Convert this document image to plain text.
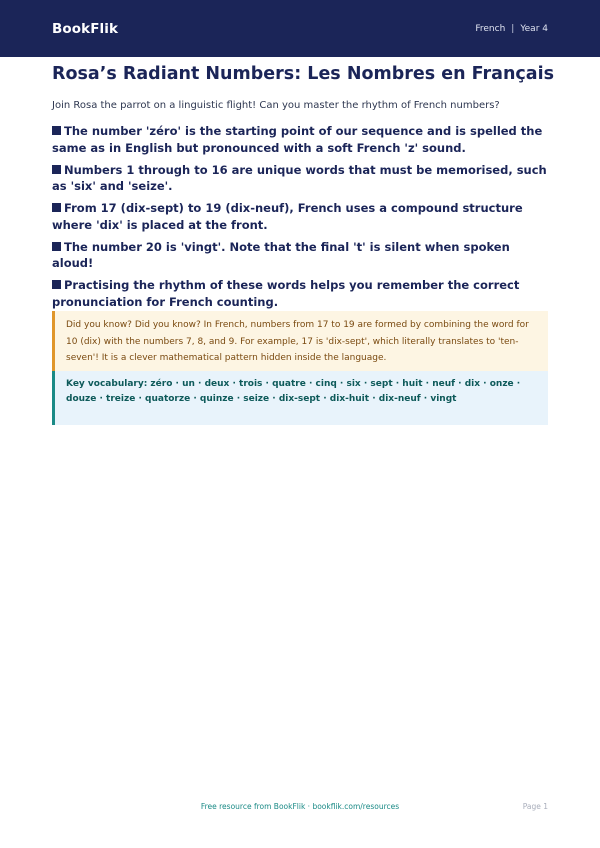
BookFlik	French | Year 4
Rosa’s Radiant Numbers: Les Nombres en Français

Join Rosa the parrot on a linguistic flight! Can you master the rhythm of French numbers?

The number 'zéro' is the starting point of our sequence and is spelled the same as in English but pronounced with a soft French 'z' sound.
Numbers 1 through to 16 are unique words that must be memorised, such as 'six' and 'seize'.
From 17 (dix-sept) to 19 (dix-neuf), French uses a compound structure where 'dix' is placed at the front.
The number 20 is 'vingt'. Note that the final 't' is silent when spoken aloud!
Practising the rhythm of these words helps you remember the correct pronunciation for French counting.
Did you know? Did you know? In French, numbers from 17 to 19 are formed by combining the word for 10 (dix) with the numbers 7, 8, and 9. For example, 17 is 'dix-sept', which literally translates to 'ten-seven'! It is a clever mathematical pattern hidden inside the language.
Key vocabulary: zéro · un · deux · trois · quatre · cinq · six · sept · huit · neuf · dix · onze · douze · treize · quatorze · quinze · seize · dix-sept · dix-huit · dix-neuf · vingt
Free resource from BookFlik · bookflik.com/resources	Page 1
